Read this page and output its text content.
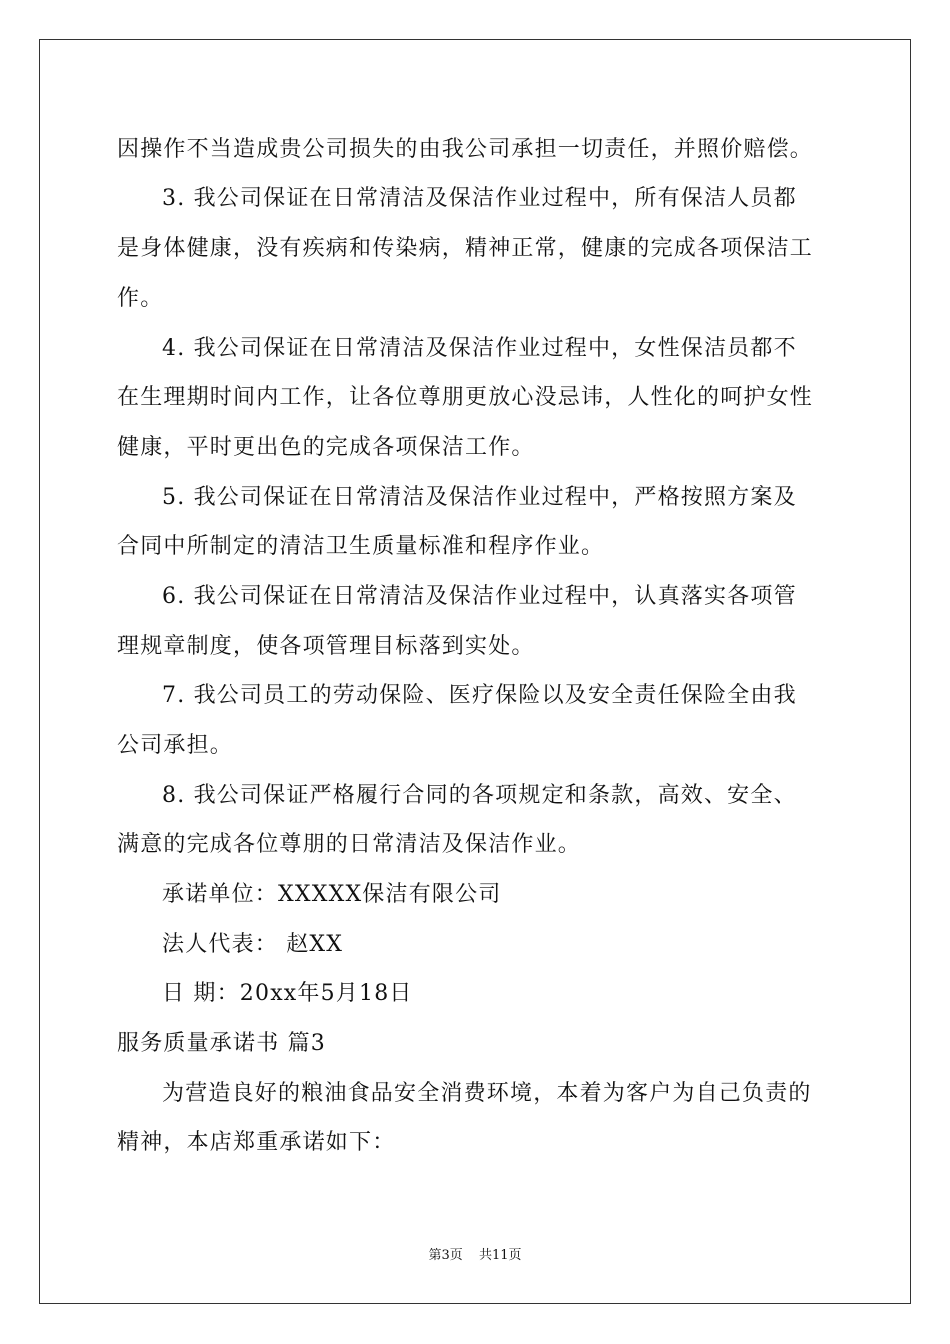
因操作不当造成贵公司损失的由我公司承担一切责任，并照价赔偿。
3. 我公司保证在日常清洁及保洁作业过程中，所有保洁人员都
是身体健康，没有疾病和传染病，精神正常，健康的完成各项保洁工
作。
4. 我公司保证在日常清洁及保洁作业过程中，女性保洁员都不
在生理期时间内工作，让各位尊朋更放心没忌讳，人性化的呵护女性
健康，平时更出色的完成各项保洁工作。
5. 我公司保证在日常清洁及保洁作业过程中，严格按照方案及
合同中所制定的清洁卫生质量标准和程序作业。
6. 我公司保证在日常清洁及保洁作业过程中，认真落实各项管
理规章制度，使各项管理目标落到实处。
7. 我公司员工的劳动保险、医疗保险以及安全责任保险全由我
公司承担。
8. 我公司保证严格履行合同的各项规定和条款，高效、安全、
满意的完成各位尊朋的日常清洁及保洁作业。
承诺单位：XXXXX保洁有限公司
法人代表： 赵XX
日 期：20xx年5月18日
服务质量承诺书 篇3
为营造良好的粮油食品安全消费环境，本着为客户为自己负责的
精神，本店郑重承诺如下：
第3页 共11页
